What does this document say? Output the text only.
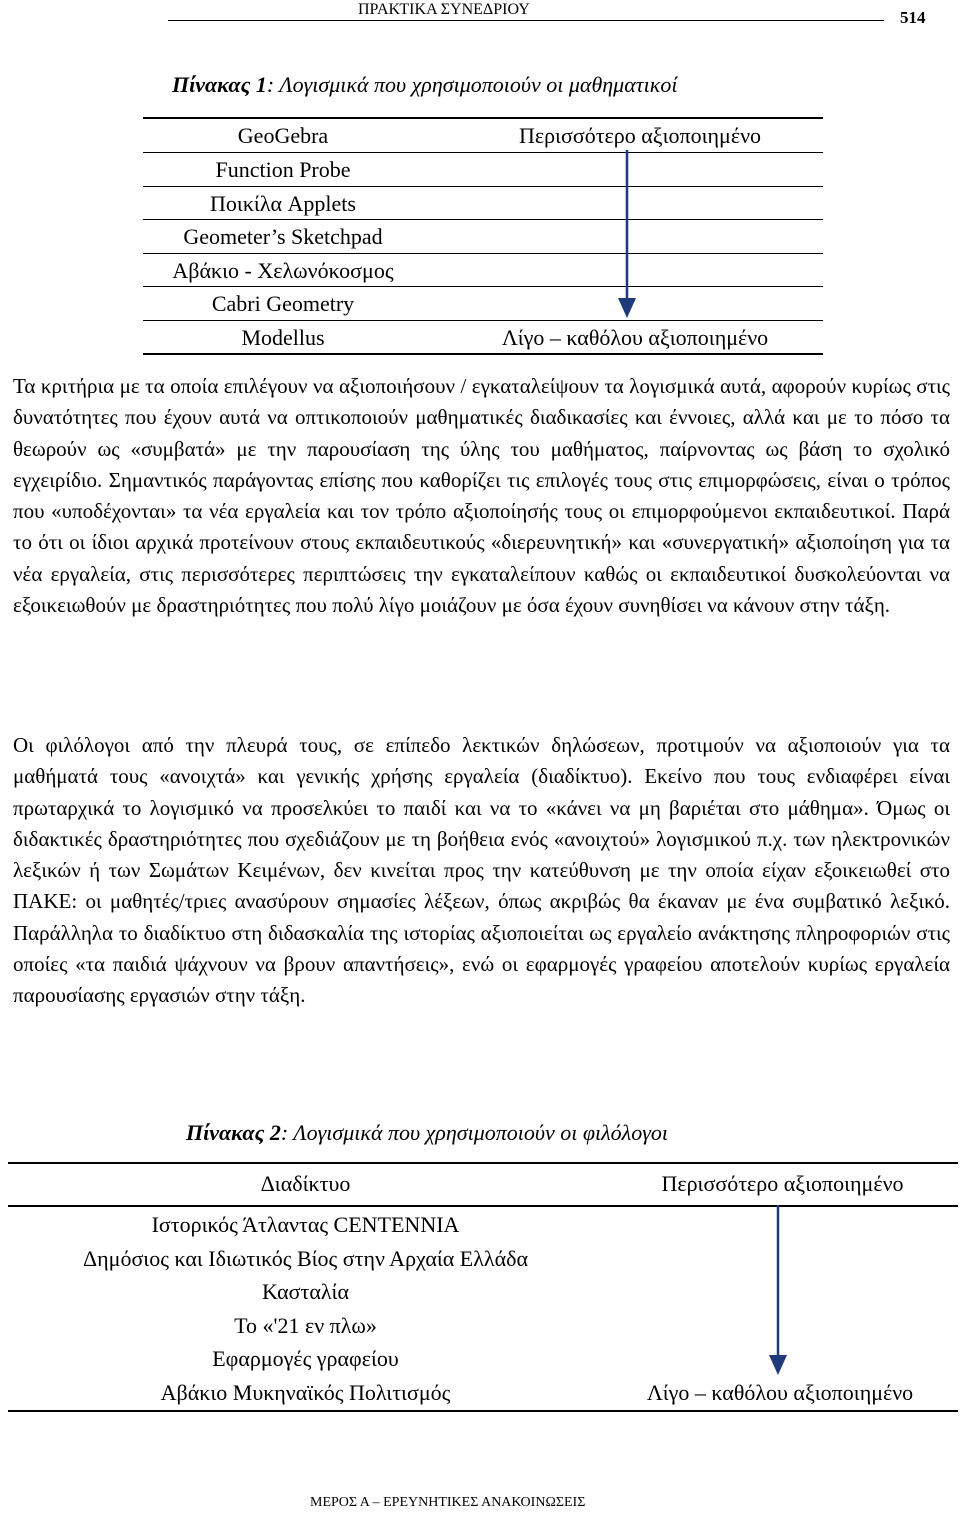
ΠΡΑΚΤΙΚΑ ΣΥΝΕΔΡΙΟΥ	514
Πίνακας 1: Λογισμικά που χρησιμοποιούν οι μαθηματικοί
GeoGebra
Function Probe
Ποικίλα Applets
Geometer’s Sketchpad
Αβάκιο - Χελωνόκοσμος
Cabri Geometry
Modellus
Περισσότερο αξιοποιημένο
Λίγο – καθόλου αξιοποιημένο
Τα κριτήρια με τα οποία επιλέγουν να αξιοποιήσουν / εγκαταλείψουν τα λογισμικά αυτά, αφορούν κυρίως στις δυνατότητες που έχουν αυτά να οπτικοποιούν μαθηματικές διαδικασίες και έννοιες, αλλά και με το πόσο τα θεωρούν ως «συμβατά» με την παρουσίαση της ύλης του μαθήματος, παίρνοντας ως βάση το σχολικό εγχειρίδιο. Σημαντικός παράγοντας επίσης που καθορίζει τις επιλογές τους στις επιμορφώσεις, είναι ο τρόπος που «υποδέχονται» τα νέα εργαλεία και τον τρόπο αξιοποίησής τους οι επιμορφούμενοι εκπαιδευτικοί. Παρά το ότι οι ίδιοι αρχικά προτείνουν στους εκπαιδευτικούς «διερευνητική» και «συνεργατική» αξιοποίηση για τα νέα εργαλεία, στις περισσότερες περιπτώσεις την εγκαταλείπουν καθώς οι εκπαιδευτικοί δυσκολεύονται να εξοικειωθούν με δραστηριότητες που πολύ λίγο μοιάζουν με όσα έχουν συνηθίσει να κάνουν στην τάξη.
Οι φιλόλογοι από την πλευρά τους, σε επίπεδο λεκτικών δηλώσεων, προτιμούν να αξιοποιούν για τα μαθήματά τους «ανοιχτά» και γενικής χρήσης εργαλεία (διαδίκτυο). Εκείνο που τους ενδιαφέρει είναι πρωταρχικά το λογισμικό να προσελκύει το παιδί και να το «κάνει να μη βαριέται στο μάθημα». Όμως οι διδακτικές δραστηριότητες που σχεδιάζουν με τη βοήθεια ενός «ανοιχτού» λογισμικού π.χ. των ηλεκτρονικών λεξικών ή των Σωμάτων Κειμένων, δεν κινείται προς την κατεύθυνση με την οποία είχαν εξοικειωθεί στο ΠΑΚΕ: οι μαθητές/τριες ανασύρουν σημασίες λέξεων, όπως ακριβώς θα έκαναν με ένα συμβατικό λεξικό. Παράλληλα το διαδίκτυο στη διδασκαλία της ιστορίας αξιοποιείται ως εργαλείο ανάκτησης πληροφοριών στις οποίες «τα παιδιά ψάχνουν να βρουν απαντήσεις», ενώ οι εφαρμογές γραφείου αποτελούν κυρίως εργαλεία παρουσίασης εργασιών στην τάξη.
Πίνακας 2: Λογισμικά που χρησιμοποιούν οι φιλόλογοι
Διαδίκτυο
Ιστορικός Άτλαντας CENTENNIA
Δημόσιος και Ιδιωτικός Βίος στην Αρχαία Ελλάδα
Κασταλία
Το «'21 εν πλω»
Εφαρμογές γραφείου
Αβάκιο Μυκηναϊκός Πολιτισμός
Περισσότερο αξιοποιημένο
Λίγο – καθόλου αξιοποιημένο
ΜΕΡΟΣ Α – ΕΡΕΥΝΗΤΙΚΕΣ ΑΝΑΚΟΙΝΩΣΕΙΣ
